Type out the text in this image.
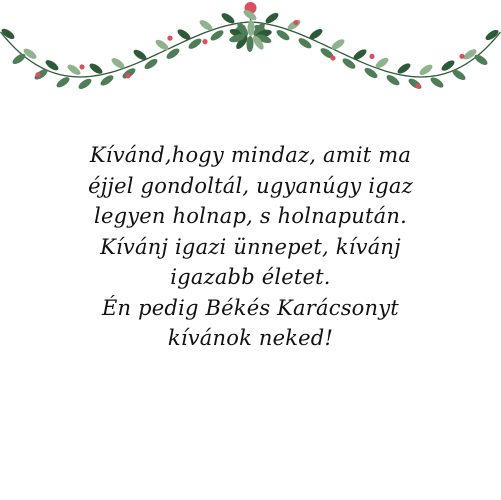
Kívánd,hogy mindaz, amit ma
éjjel gondoltál, ugyanúgy igaz
legyen holnap, s holnapután.
Kívánj igazi ünnepet, kívánj
igazabb életet.
Én pedig Békés Karácsonyt
kívánok neked!
